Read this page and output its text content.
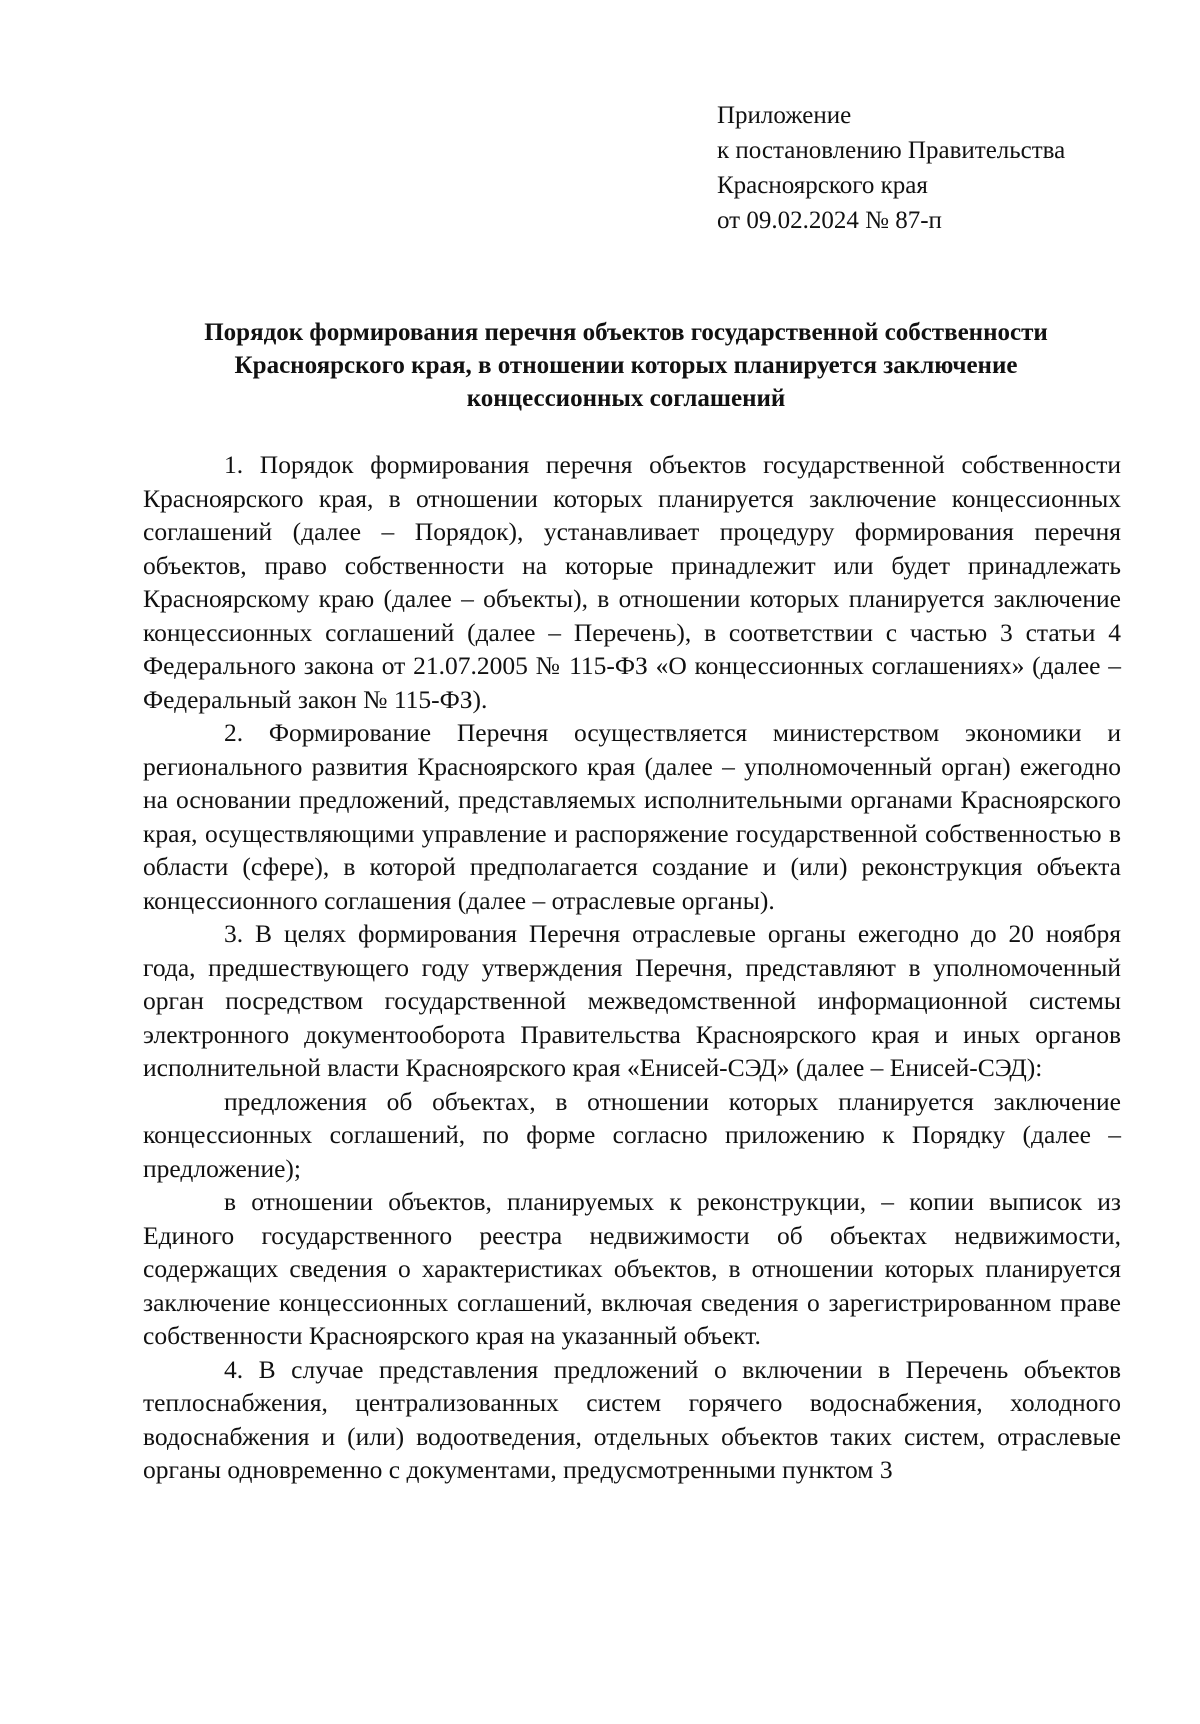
Приложение
к постановлению Правительства
Красноярского края
от 09.02.2024 № 87-п
Порядок формирования перечня объектов государственной собственности
Красноярского края, в отношении которых планируется заключение
концессионных соглашений

1. Порядок формирования перечня объектов государственной собственности Красноярского края, в отношении которых планируется заключение концессионных соглашений (далее – Порядок), устанавливает процедуру формирования перечня объектов, право собственности на которые принадлежит или будет принадлежать Красноярскому краю (далее – объекты), в отношении которых планируется заключение концессионных соглашений (далее – Перечень), в соответствии с частью 3 статьи 4 Федерального закона от 21.07.2005 № 115-ФЗ «О концессионных соглашениях» (далее – Федеральный закон № 115-ФЗ).

2. Формирование Перечня осуществляется министерством экономики и регионального развития Красноярского края (далее – уполномоченный орган) ежегодно на основании предложений, представляемых исполнительными органами Красноярского края, осуществляющими управление и распоряжение государственной собственностью в области (сфере), в которой предполагается создание и (или) реконструкция объекта концессионного соглашения (далее – отраслевые органы).

3. В целях формирования Перечня отраслевые органы ежегодно до 20 ноября года, предшествующего году утверждения Перечня, представляют в уполномоченный орган посредством государственной межведомственной информационной системы электронного документооборота Правительства Красноярского края и иных органов исполнительной власти Красноярского края «Енисей-СЭД» (далее – Енисей-СЭД):

предложения об объектах, в отношении которых планируется заключение концессионных соглашений, по форме согласно приложению к Порядку (далее – предложение);

в отношении объектов, планируемых к реконструкции, – копии выписок из Единого государственного реестра недвижимости об объектах недвижимости, содержащих сведения о характеристиках объектов, в отношении которых планируется заключение концессионных соглашений, включая сведения о зарегистрированном праве собственности Красноярского края на указанный объект.

4. В случае представления предложений о включении в Перечень объектов теплоснабжения, централизованных систем горячего водоснабжения, холодного водоснабжения и (или) водоотведения, отдельных объектов таких систем, отраслевые органы одновременно с документами, предусмотренными пунктом 3
